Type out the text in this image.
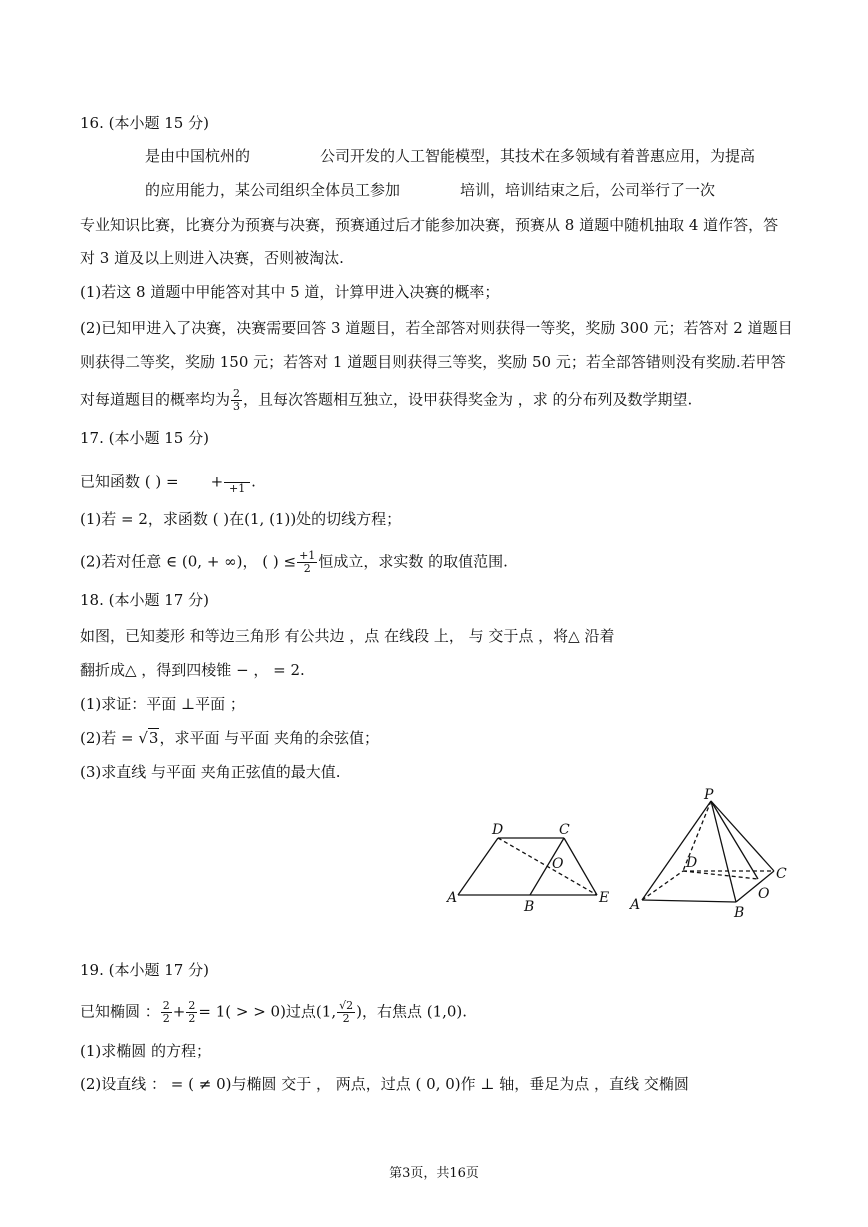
16. (本小题 15 分)
是由中国杭州的	公司开发的人工智能模型，其技术在多领域有着普惠应用，为提高
的应用能力，某公司组织全体员工参加	培训，培训结束之后，公司举行了一次
专业知识比赛，比赛分为预赛与决赛，预赛通过后才能参加决赛，预赛从 8 道题中随机抽取 4 道作答，答
对 3 道及以上则进入决赛，否则被淘汰.
(1)若这 8 道题中甲能答对其中 5 道，计算甲进入决赛的概率；
(2)已知甲进入了决赛，决赛需要回答 3 道题目，若全部答对则获得一等奖，奖励 300 元；若答对 2 道题目
则获得二等奖，奖励 150 元；若答对 1 道题目则获得三等奖，奖励 50 元；若全部答错则没有奖励.若甲答
对每道题目的概率均为 $\frac{2}{3}$ ，且每次答题相互独立，设甲获得奖金为 ，求 的分布列及数学期望.
17. (本小题 15 分)
已知函数 ( ) = + +1 .
(1)若 = 2，求函数 ( )在(1, (1))处的切线方程；
(2)若对任意 ∈ (0, + ∞)， ( ) ≤ $\frac{+1}{2}$ 恒成立，求实数 的取值范围.
18. (本小题 17 分)
如图，已知菱形 和等边三角形 有公共边 ，点 在线段 上， 与 交于点 ，将△ 沿着
翻折成△ ，得到四棱锥 − ， = 2.
(1)求证：平面 ⊥平面 ；
(2)若 = √3，求平面 与平面 夹角的余弦值；
(3)求直线 与平面 夹角正弦值的最大值.
D	C
O
A
B
E
P
D
C
O
A	B
19. (本小题 17 分)
已知椭圆 ： $\frac{2}{2} + \frac{2}{2} = 1$( > > 0)过点(1, $\frac{√2}{2}$ )，右焦点 (1,0).
(1)求椭圆 的方程；
(2)设直线 ： = ( ≠ 0)与椭圆 交于 ， 两点，过点 ( 0, 0)作 ⊥ 轴，垂足为点 ，直线 交椭圆
第3页，共16页
